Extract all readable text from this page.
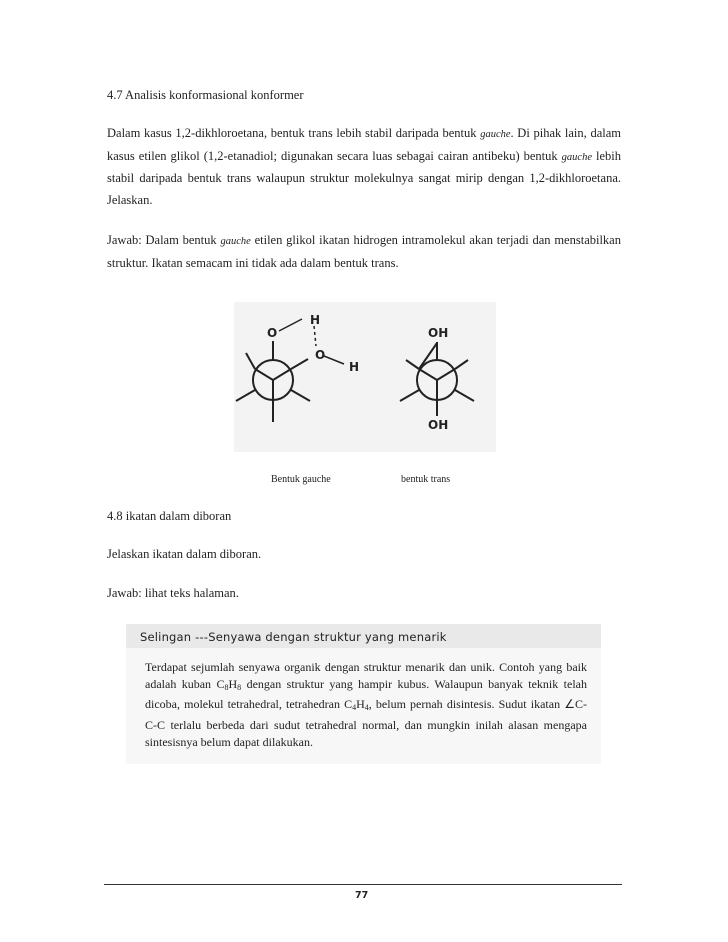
4.7 Analisis konformasional konformer
Dalam kasus 1,2-dikhloroetana, bentuk trans lebih stabil daripada bentuk gauche. Di pihak lain, dalam kasus etilen glikol (1,2-etanadiol; digunakan secara luas sebagai cairan antibeku) bentuk gauche lebih stabil daripada bentuk trans walaupun struktur molekulnya sangat mirip dengan 1,2-dikhloroetana. Jelaskan.
Jawab: Dalam bentuk gauche etilen glikol ikatan hidrogen intramolekul akan terjadi dan menstabilkan struktur. Ikatan semacam ini tidak ada dalam bentuk trans.
O
H
O
H
OH
OH
Bentuk gauche	bentuk trans
4.8 ikatan dalam diboran
Jelaskan ikatan dalam diboran.
Jawab: lihat teks halaman.
Selingan ---Senyawa dengan struktur yang menarik
Terdapat sejumlah senyawa organik dengan struktur menarik dan unik. Contoh yang baik adalah kuban $C_8H_8$ dengan struktur yang hampir kubus. Walaupun banyak teknik telah dicoba, molekul tetrahedral, tetrahedran $C_4H_4$, belum pernah disintesis. Sudut ikatan ∠C-C-C terlalu berbeda dari sudut tetrahedral normal, dan mungkin inilah alasan mengapa sintesisnya belum dapat dilakukan.
77
